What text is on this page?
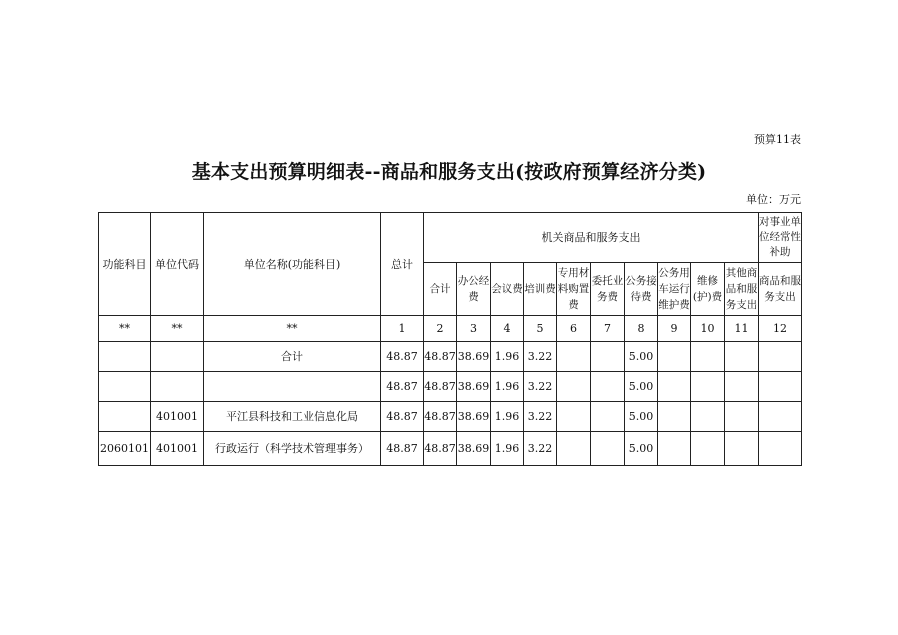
预算11表
基本支出预算明细表--商品和服务支出(按政府预算经济分类)
单位：万元
功能科目	单位代码	单位名称(功能科目)	总计	机关商品和服务支出										对事业单位经常性补助
				合计	办公经费	会议费	培训费	专用材料购置费	委托业务费	公务接待费	公务用车运行维护费	维修(护)费	其他商品和服务支出	商品和服务支出
**	**	**	1	2	3	4	5	6	7	8	9	10	11	12
		合计	48.87	48.87	38.69	1.96	3.22			5.00				
			48.87	48.87	38.69	1.96	3.22			5.00				
	401001	平江县科技和工业信息化局	48.87	48.87	38.69	1.96	3.22			5.00				
2060101	401001	行政运行（科学技术管理事务）	48.87	48.87	38.69	1.96	3.22			5.00				
